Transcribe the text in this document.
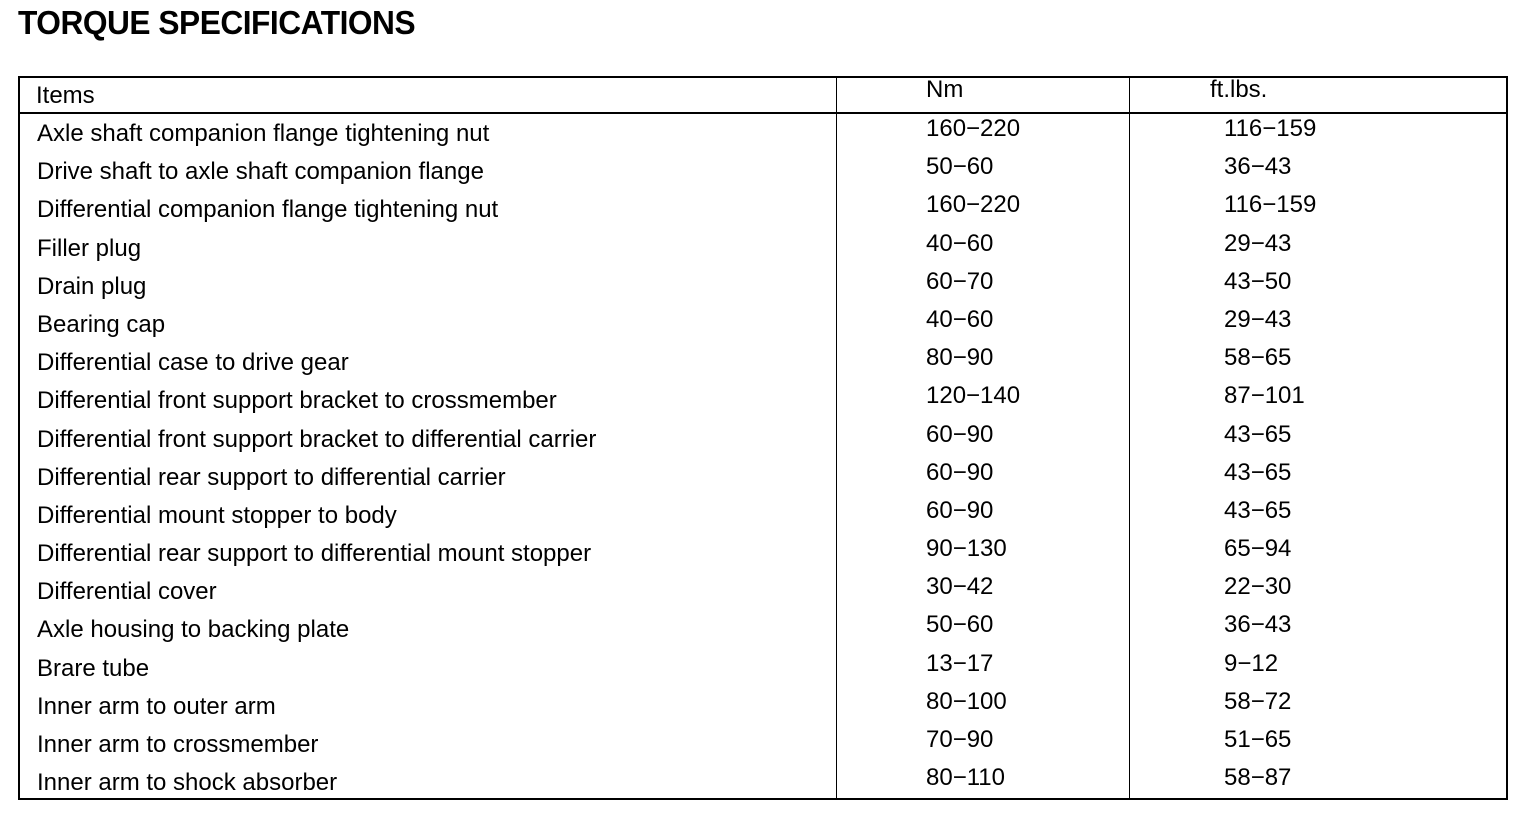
TORQUE SPECIFICATIONS
Items	Nm	ft.lbs.
Axle shaft companion flange tightening nut	160−220	116−159
Drive shaft to axle shaft companion flange	50−60	36−43
Differential companion flange tightening nut	160−220	116−159
Filler plug	40−60	29−43
Drain plug	60−70	43−50
Bearing cap	40−60	29−43
Differential case to drive gear	80−90	58−65
Differential front support bracket to crossmember	120−140	87−101
Differential front support bracket to differential carrier	60−90	43−65
Differential rear support to differential carrier	60−90	43−65
Differential mount stopper to body	60−90	43−65
Differential rear support to differential mount stopper	90−130	65−94
Differential cover	30−42	22−30
Axle housing to backing plate	50−60	36−43
Brare tube	13−17	9−12
Inner arm to outer arm	80−100	58−72
Inner arm to crossmember	70−90	51−65
Inner arm to shock absorber	80−110	58−87
